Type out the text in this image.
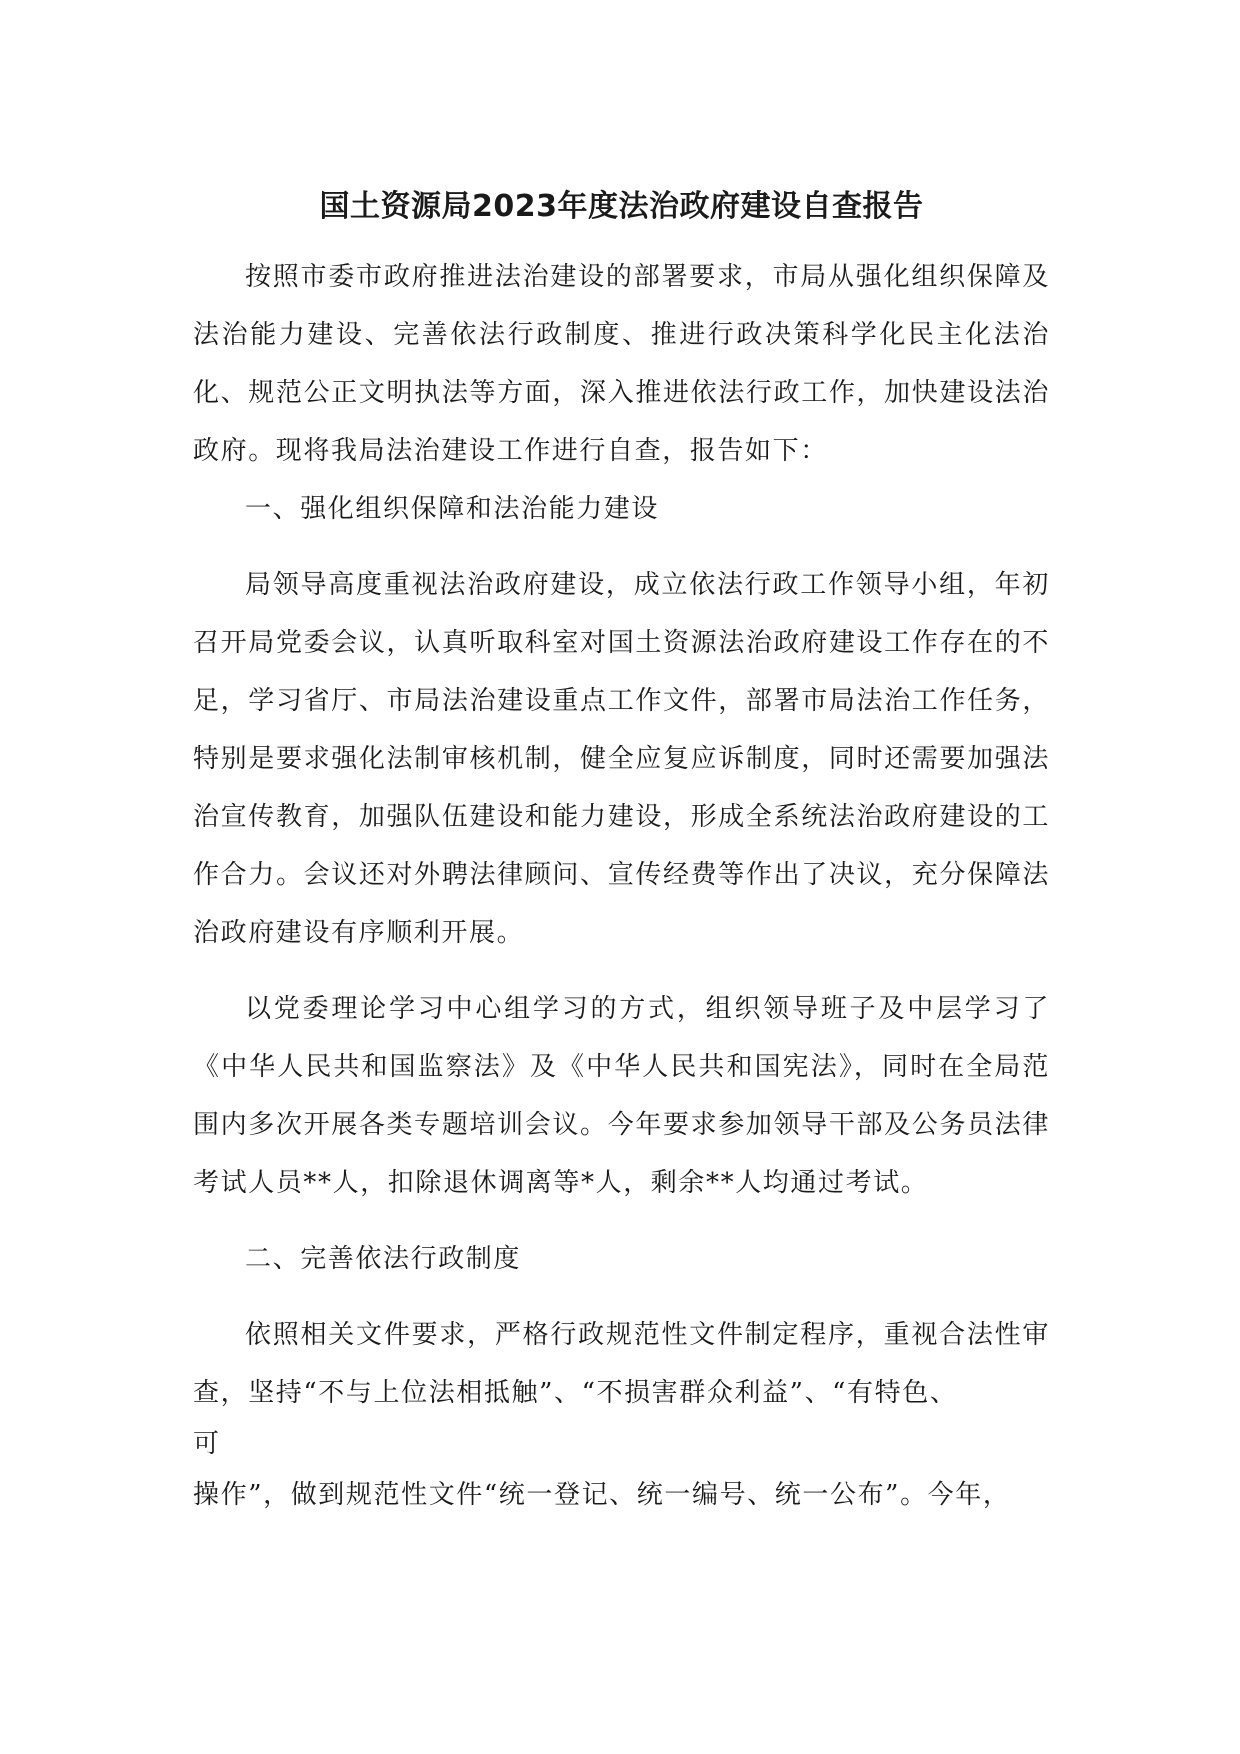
国土资源局2023年度法治政府建设自查报告

按照市委市政府推进法治建设的部署要求，市局从强化组织保障及法治能力建设、完善依法行政制度、推进行政决策科学化民主化法治化、规范公正文明执法等方面，深入推进依法行政工作，加快建设法治政府。现将我局法治建设工作进行自查，报告如下：

一、强化组织保障和法治能力建设

局领导高度重视法治政府建设，成立依法行政工作领导小组，年初召开局党委会议，认真听取科室对国土资源法治政府建设工作存在的不足，学习省厅、市局法治建设重点工作文件，部署市局法治工作任务，特别是要求强化法制审核机制，健全应复应诉制度，同时还需要加强法治宣传教育，加强队伍建设和能力建设，形成全系统法治政府建设的工作合力。会议还对外聘法律顾问、宣传经费等作出了决议，充分保障法治政府建设有序顺利开展。

以党委理论学习中心组学习的方式，组织领导班子及中层学习了《中华人民共和国监察法》及《中华人民共和国宪法》，同时在全局范围内多次开展各类专题培训会议。今年要求参加领导干部及公务员法律考试人员**人，扣除退休调离等*人，剩余**人均通过考试。

二、完善依法行政制度

依照相关文件要求，严格行政规范性文件制定程序，重视合法性审查，坚持“不与上位法相抵触”、“不损害群众利益”、“有特色、

可

操作”，做到规范性文件“统一登记、统一编号、统一公布”。今年，
